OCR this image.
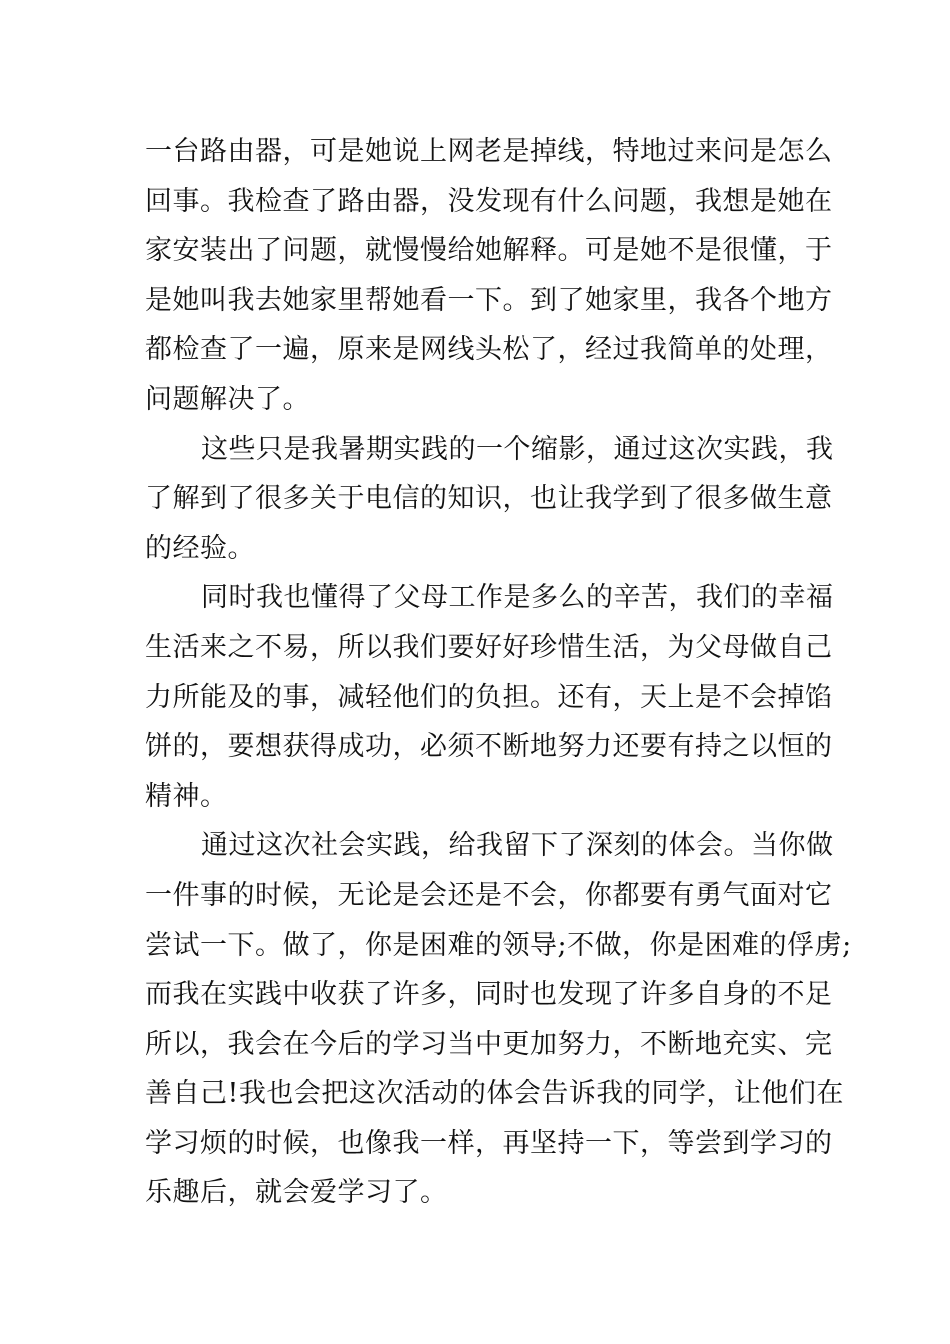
一台路由器，可是她说上网老是掉线，特地过来问是怎么
回事。我检查了路由器，没发现有什么问题，我想是她在
家安装出了问题，就慢慢给她解释。可是她不是很懂，于
是她叫我去她家里帮她看一下。到了她家里，我各个地方
都检查了一遍，原来是网线头松了，经过我简单的处理，
问题解决了。
这些只是我暑期实践的一个缩影，通过这次实践，我
了解到了很多关于电信的知识，也让我学到了很多做生意
的经验。
同时我也懂得了父母工作是多么的辛苦，我们的幸福
生活来之不易，所以我们要好好珍惜生活，为父母做自己
力所能及的事，减轻他们的负担。还有，天上是不会掉馅
饼的，要想获得成功，必须不断地努力还要有持之以恒的
精神。
通过这次社会实践，给我留下了深刻的体会。当你做
一件事的时候，无论是会还是不会，你都要有勇气面对它
尝试一下。做了，你是困难的领导;不做，你是困难的俘虏;
而我在实践中收获了许多，同时也发现了许多自身的不足
所以，我会在今后的学习当中更加努力，不断地充实、完
善自己!我也会把这次活动的体会告诉我的同学，让他们在
学习烦的时候，也像我一样，再坚持一下，等尝到学习的
乐趣后，就会爱学习了。
